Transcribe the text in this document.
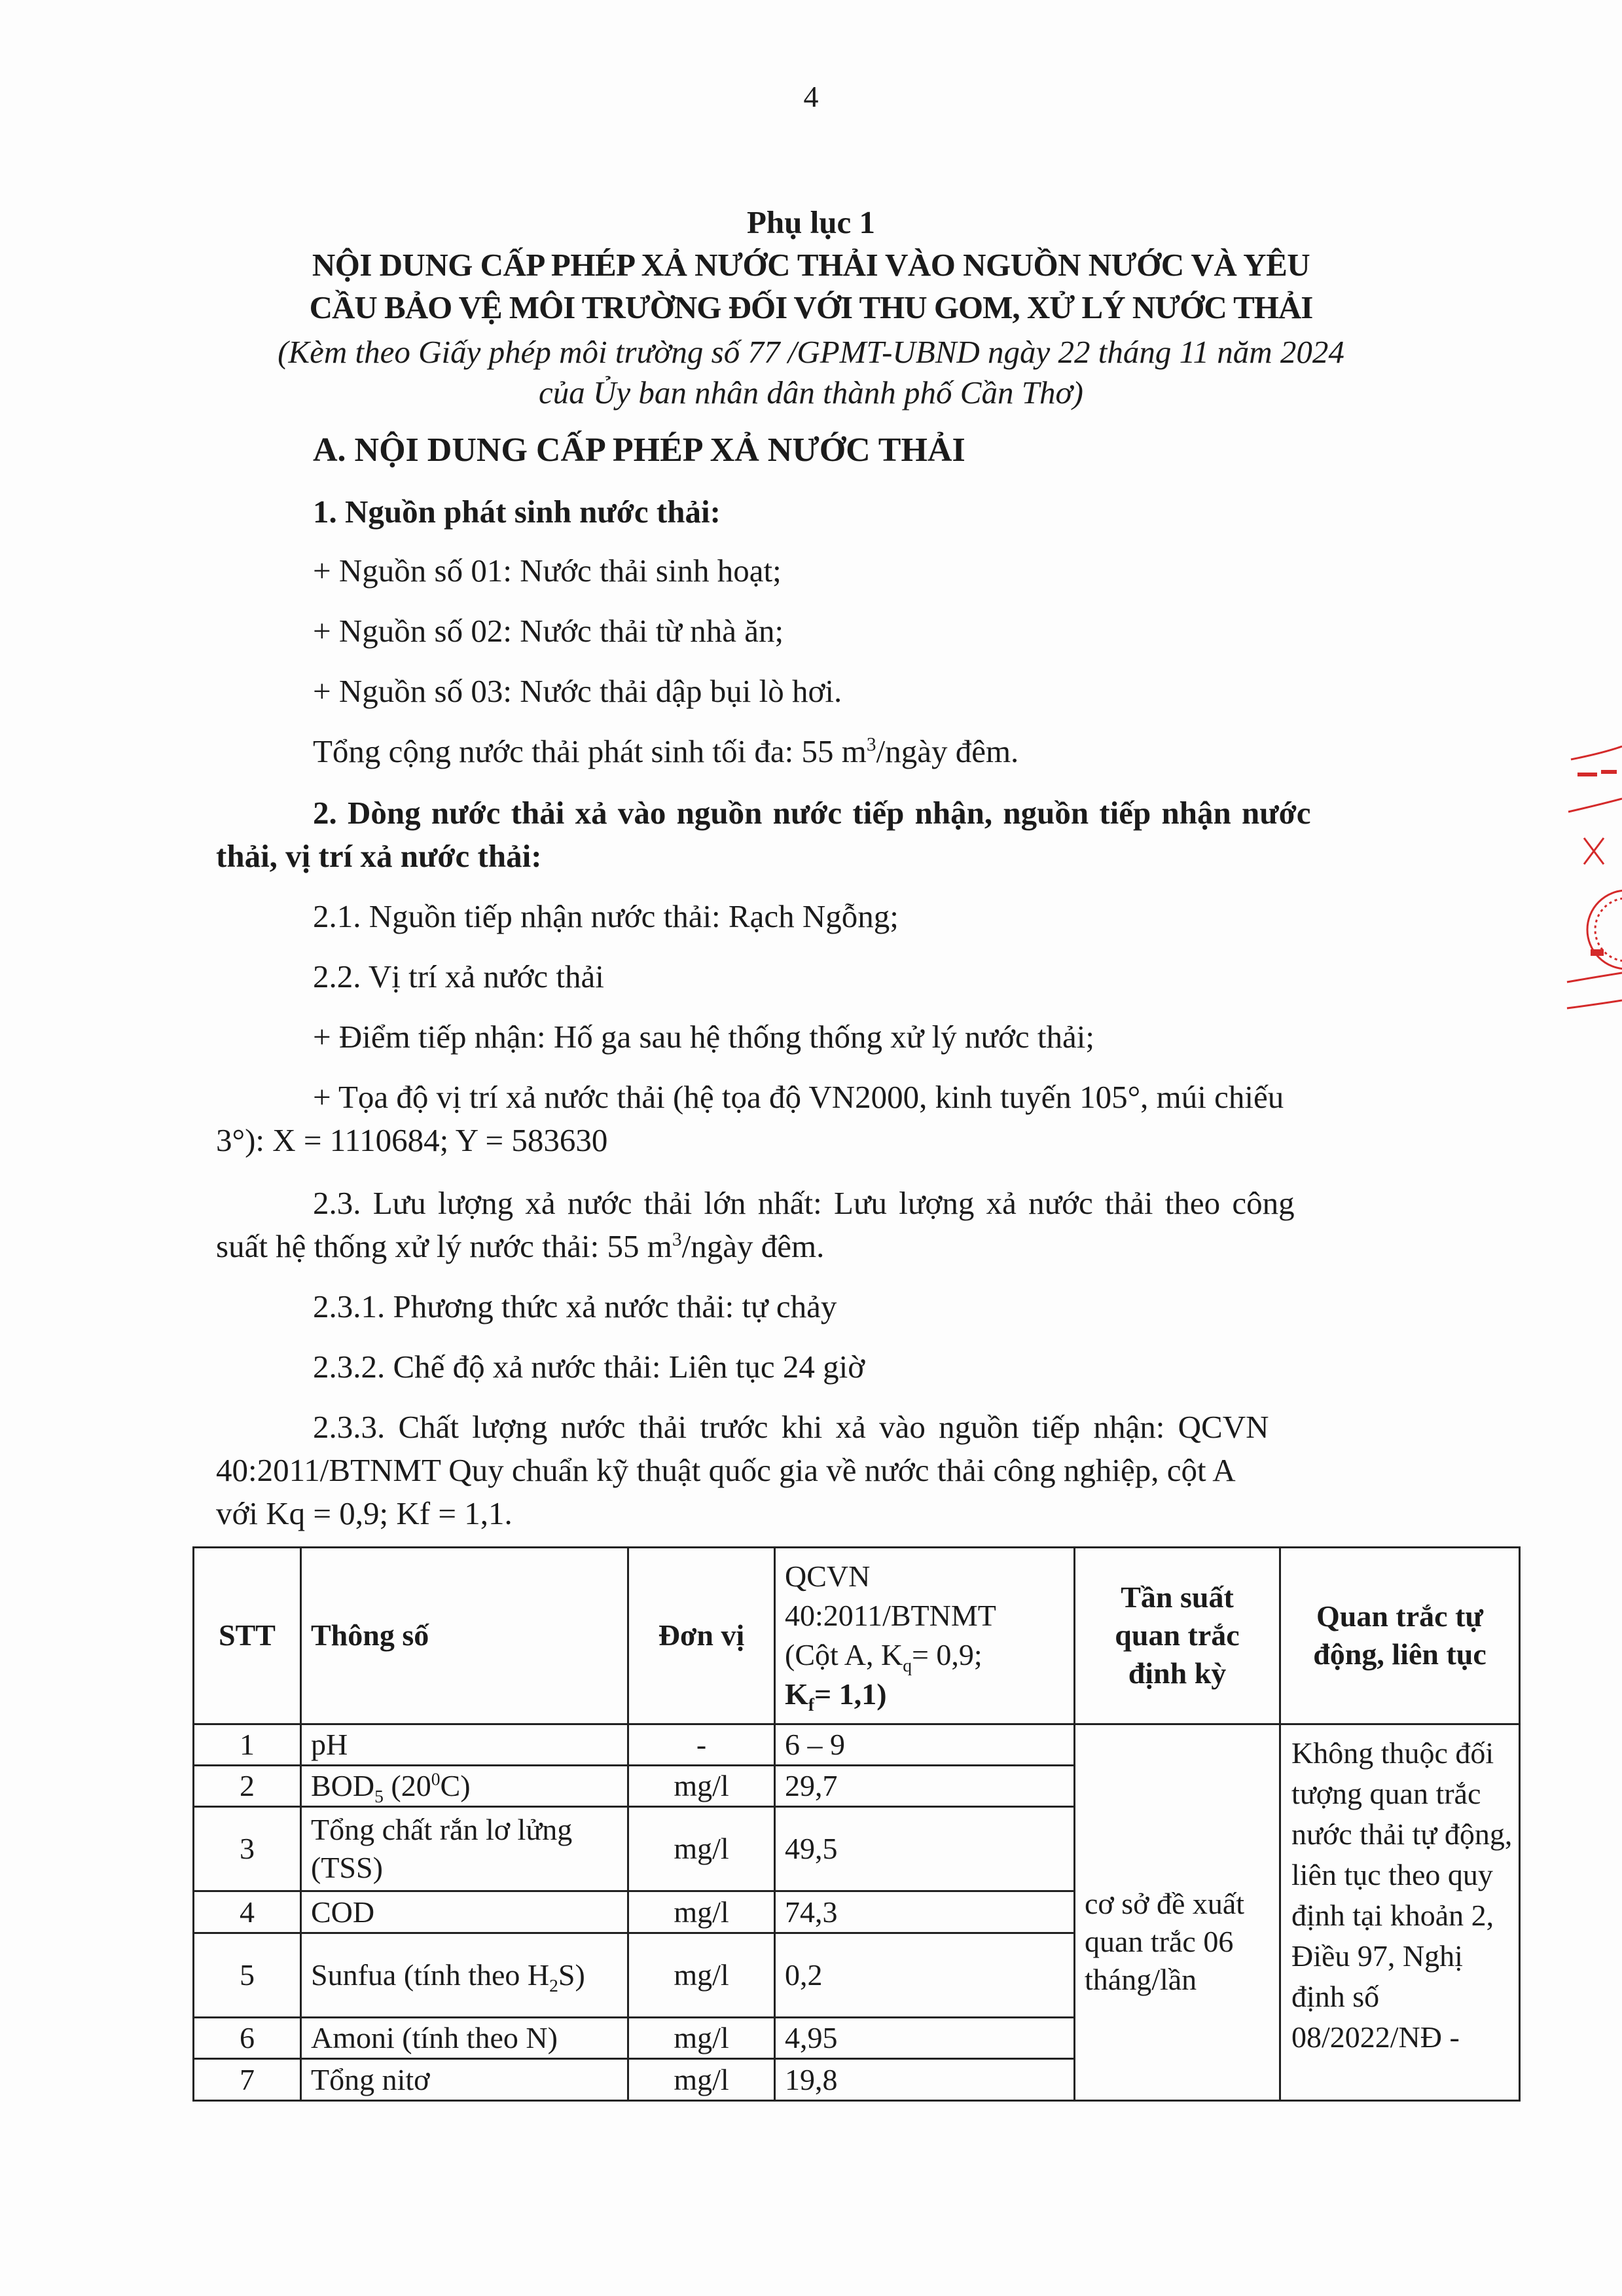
4
Phụ lục 1
NỘI DUNG CẤP PHÉP XẢ NƯỚC THẢI VÀO NGUỒN NƯỚC VÀ YÊU
CẦU BẢO VỆ MÔI TRƯỜNG ĐỐI VỚI THU GOM, XỬ LÝ NƯỚC THẢI
(Kèm theo Giấy phép môi trường số 77 /GPMT-UBND ngày 22 tháng 11 năm 2024
của Ủy ban nhân dân thành phố Cần Thơ)
A. NỘI DUNG CẤP PHÉP XẢ NƯỚC THẢI
1. Nguồn phát sinh nước thải:
+ Nguồn số 01: Nước thải sinh hoạt;
+ Nguồn số 02: Nước thải từ nhà ăn;
+ Nguồn số 03: Nước thải dập bụi lò hơi.
Tổng cộng nước thải phát sinh tối đa: 55 $m^3$/ngày đêm.
2. Dòng nước thải xả vào nguồn nước tiếp nhận, nguồn tiếp nhận nước
thải, vị trí xả nước thải:
2.1. Nguồn tiếp nhận nước thải: Rạch Ngỗng;
2.2. Vị trí xả nước thải
+ Điểm tiếp nhận: Hố ga sau hệ thống thống xử lý nước thải;
+ Tọa độ vị trí xả nước thải (hệ tọa độ VN2000, kinh tuyến 105°, múi chiếu
3°): X = 1110684; Y = 583630
2.3. Lưu lượng xả nước thải lớn nhất: Lưu lượng xả nước thải theo công
suất hệ thống xử lý nước thải: 55 $m^3$/ngày đêm.
2.3.1. Phương thức xả nước thải: tự chảy
2.3.2. Chế độ xả nước thải: Liên tục 24 giờ
2.3.3. Chất lượng nước thải trước khi xả vào nguồn tiếp nhận: QCVN
40:2011/BTNMT Quy chuẩn kỹ thuật quốc gia về nước thải công nghiệp, cột A
với Kq = 0,9; Kf = 1,1.
STT	Thông số	Đơn vị	QCVN
40:2011/BTNMT
(Cột A, $K_q= 0,9$;
$K_f= 1,1$)	Tần suất quan trắc định kỳ	Quan trắc tự động, liên tục
1	pH	-	6 – 9	cơ sở đề xuất quan trắc 06 tháng/lần	Không thuộc đối tượng quan trắc nước thải tự động, liên tục theo quy định tại khoản 2, Điều 97, Nghị định số 08/2022/NĐ -
2	$BOD_5$ $(20^0C)$	mg/l	29,7		
3	Tổng chất rắn lơ lửng (TSS)	mg/l	49,5		
4	COD	mg/l	74,3		
5	Sunfua (tính theo $H_2S$)	mg/l	0,2		
6	Amoni (tính theo N)	mg/l	4,95		
7	Tổng nitơ	mg/l	19,8		
